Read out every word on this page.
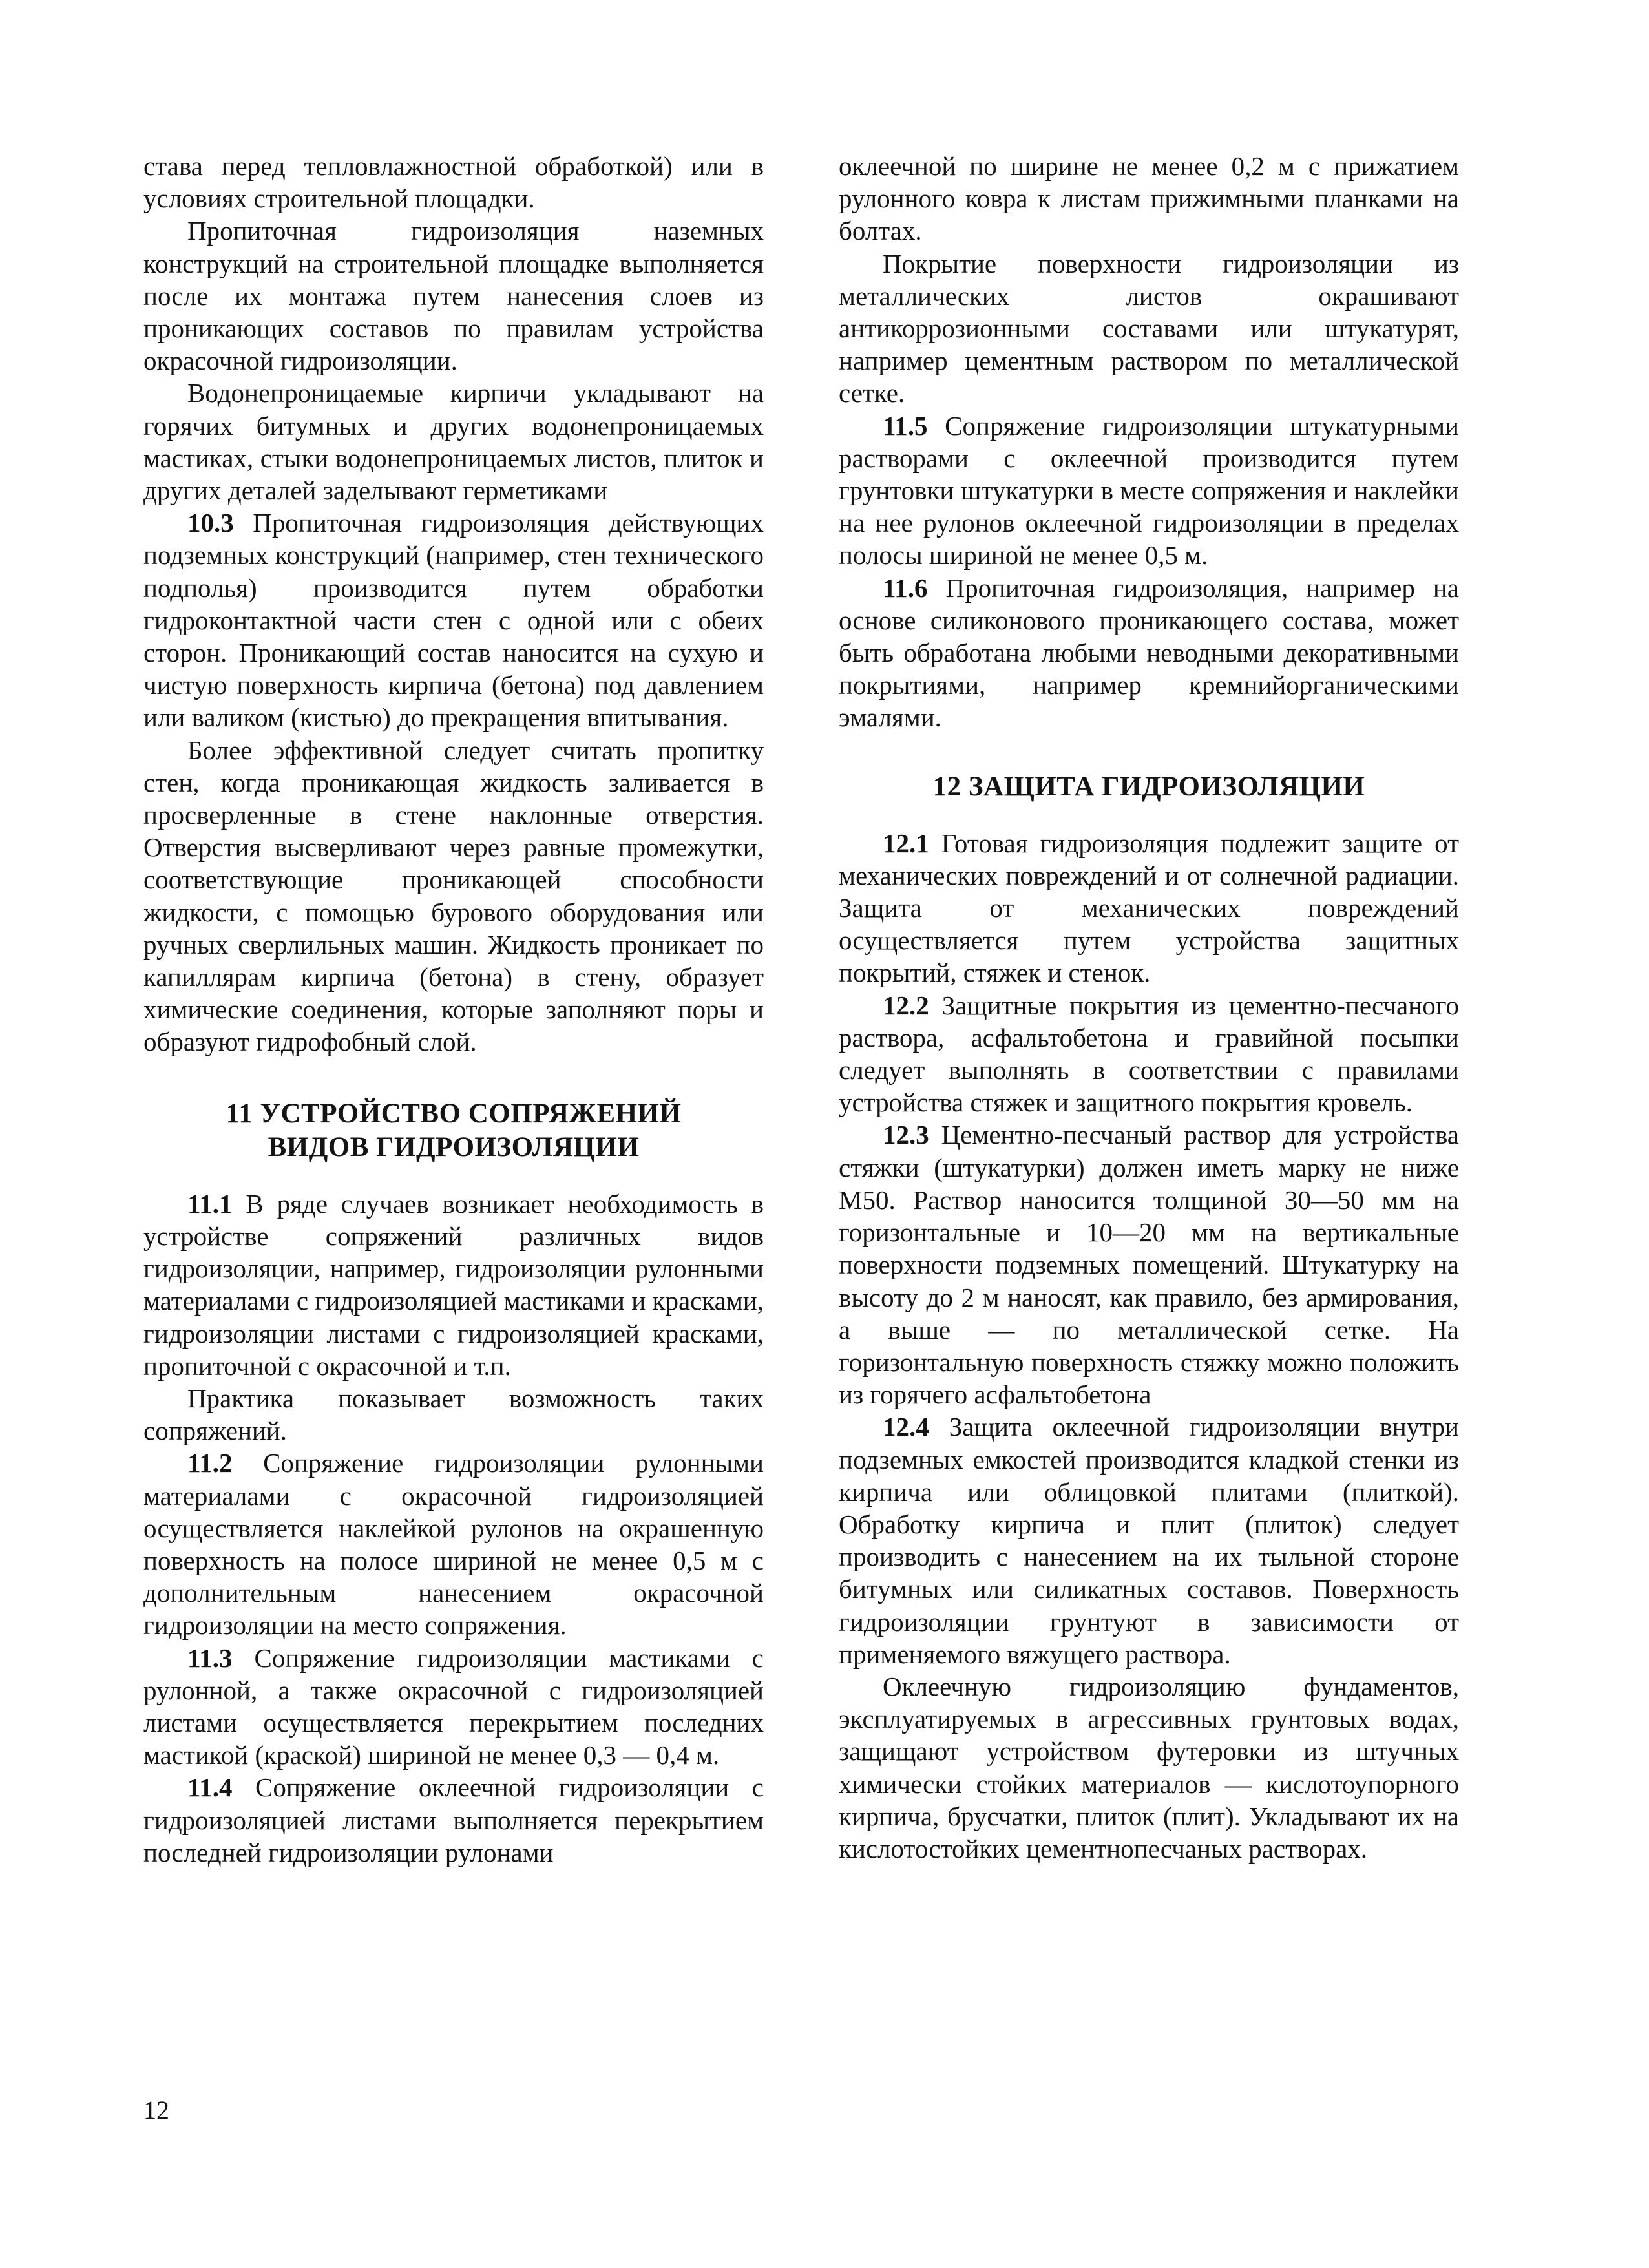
става перед тепловлажностной обработкой) или в условиях строительной площадки.

Пропиточная гидроизоляция наземных конструкций на строительной площадке выполняется после их монтажа путем нанесения слоев из проникающих составов по правилам устройства окрасочной гидроизоляции.

Водонепроницаемые кирпичи укладывают на горячих битумных и других водонепроницаемых мастиках, стыки водонепроницаемых листов, плиток и других деталей заделывают герметиками

10.3 Пропиточная гидроизоляция действующих подземных конструкций (например, стен технического подполья) производится путем обработки гидроконтактной части стен с одной или с обеих сторон. Проникающий состав наносится на сухую и чистую поверхность кирпича (бетона) под давлением или валиком (кистью) до прекращения впитывания.

Более эффективной следует считать пропитку стен, когда проникающая жидкость заливается в просверленные в стене наклонные отверстия. Отверстия высверливают через равные промежутки, соответствующие проникающей способности жидкости, с помощью бурового оборудования или ручных сверлильных машин. Жидкость проникает по капиллярам кирпича (бетона) в стену, образует химические соединения, которые заполняют поры и образуют гидрофобный слой.

11 УСТРОЙСТВО СОПРЯЖЕНИЙ
ВИДОВ ГИДРОИЗОЛЯЦИИ

11.1 В ряде случаев возникает необходимость в устройстве сопряжений различных видов гидроизоляции, например, гидроизоляции рулонными материалами с гидроизоляцией мастиками и красками, гидроизоляции листами с гидроизоляцией красками, пропиточной с окрасочной и т.п.

Практика показывает возможность таких сопряжений.

11.2 Сопряжение гидроизоляции рулонными материалами с окрасочной гидроизоляцией осуществляется наклейкой рулонов на окрашенную поверхность на полосе шириной не менее 0,5 м с дополнительным нанесением окрасочной гидроизоляции на место сопряжения.

11.3 Сопряжение гидроизоляции мастиками с рулонной, а также окрасочной с гидроизоляцией листами осуществляется перекрытием последних мастикой (краской) шириной не менее 0,3 — 0,4 м.

11.4 Сопряжение оклеечной гидроизоляции с гидроизоляцией листами выполняется перекрытием последней гидроизоляции рулонами

оклеечной по ширине не менее 0,2 м с прижатием рулонного ковра к листам прижимными планками на болтах.

Покрытие поверхности гидроизоляции из металлических листов окрашивают антикоррозионными составами или штукатурят, например цементным раствором по металлической сетке.

11.5 Сопряжение гидроизоляции штукатурными растворами с оклеечной производится путем грунтовки штукатурки в месте сопряжения и наклейки на нее рулонов оклеечной гидроизоляции в пределах полосы шириной не менее 0,5 м.

11.6 Пропиточная гидроизоляция, например на основе силиконового проникающего состава, может быть обработана любыми неводными декоративными покрытиями, например кремнийорганическими эмалями.

12 ЗАЩИТА ГИДРОИЗОЛЯЦИИ

12.1 Готовая гидроизоляция подлежит защите от механических повреждений и от солнечной радиации. Защита от механических повреждений осуществляется путем устройства защитных покрытий, стяжек и стенок.

12.2 Защитные покрытия из цементно-песчаного раствора, асфальтобетона и гравийной посыпки следует выполнять в соответствии с правилами устройства стяжек и защитного покрытия кровель.

12.3 Цементно-песчаный раствор для устройства стяжки (штукатурки) должен иметь марку не ниже М50. Раствор наносится толщиной 30—50 мм на горизонтальные и 10—20 мм на вертикальные поверхности подземных помещений. Штукатурку на высоту до 2 м наносят, как правило, без армирования, а выше — по металлической сетке. На горизонтальную поверхность стяжку можно положить из горячего асфальтобетона

12.4 Защита оклеечной гидроизоляции внутри подземных емкостей производится кладкой стенки из кирпича или облицовкой плитами (плиткой). Обработку кирпича и плит (плиток) следует производить с нанесением на их тыльной стороне битумных или силикатных составов. Поверхность гидроизоляции грунтуют в зависимости от применяемого вяжущего раствора.

Оклеечную гидроизоляцию фундаментов, эксплуатируемых в агрессивных грунтовых водах, защищают устройством футеровки из штучных химически стойких материалов — кислотоупорного кирпича, брусчатки, плиток (плит). Укладывают их на кислотостойких цементнопесчаных растворах.

12
